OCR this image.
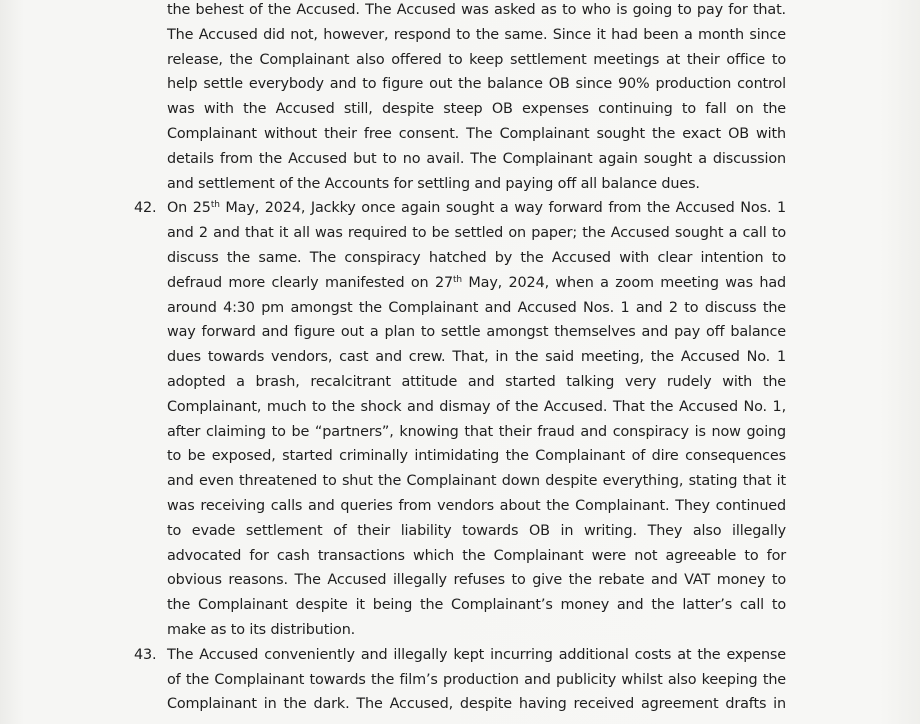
the behest of the Accused. The Accused was asked as to who is going to pay for that.
The Accused did not, however, respond to the same. Since it had been a month since
release, the Complainant also offered to keep settlement meetings at their office to
help settle everybody and to figure out the balance OB since 90% production control
was with the Accused still, despite steep OB expenses continuing to fall on the
Complainant without their free consent. The Complainant sought the exact OB with
details from the Accused but to no avail. The Complainant again sought a discussion
and settlement of the Accounts for settling and paying off all balance dues.
42. On 25th May, 2024, Jackky once again sought a way forward from the Accused Nos. 1
and 2 and that it all was required to be settled on paper; the Accused sought a call to
discuss the same. The conspiracy hatched by the Accused with clear intention to
defraud more clearly manifested on 27th May, 2024, when a zoom meeting was had
around 4:30 pm amongst the Complainant and Accused Nos. 1 and 2 to discuss the
way forward and figure out a plan to settle amongst themselves and pay off balance
dues towards vendors, cast and crew. That, in the said meeting, the Accused No. 1
adopted a brash, recalcitrant attitude and started talking very rudely with the
Complainant, much to the shock and dismay of the Accused. That the Accused No. 1,
after claiming to be “partners”, knowing that their fraud and conspiracy is now going
to be exposed, started criminally intimidating the Complainant of dire consequences
and even threatened to shut the Complainant down despite everything, stating that it
was receiving calls and queries from vendors about the Complainant. They continued
to evade settlement of their liability towards OB in writing. They also illegally
advocated for cash transactions which the Complainant were not agreeable to for
obvious reasons. The Accused illegally refuses to give the rebate and VAT money to
the Complainant despite it being the Complainant’s money and the latter’s call to
make as to its distribution.
43. The Accused conveniently and illegally kept incurring additional costs at the expense
of the Complainant towards the film’s production and publicity whilst also keeping the
Complainant in the dark. The Accused, despite having received agreement drafts in
